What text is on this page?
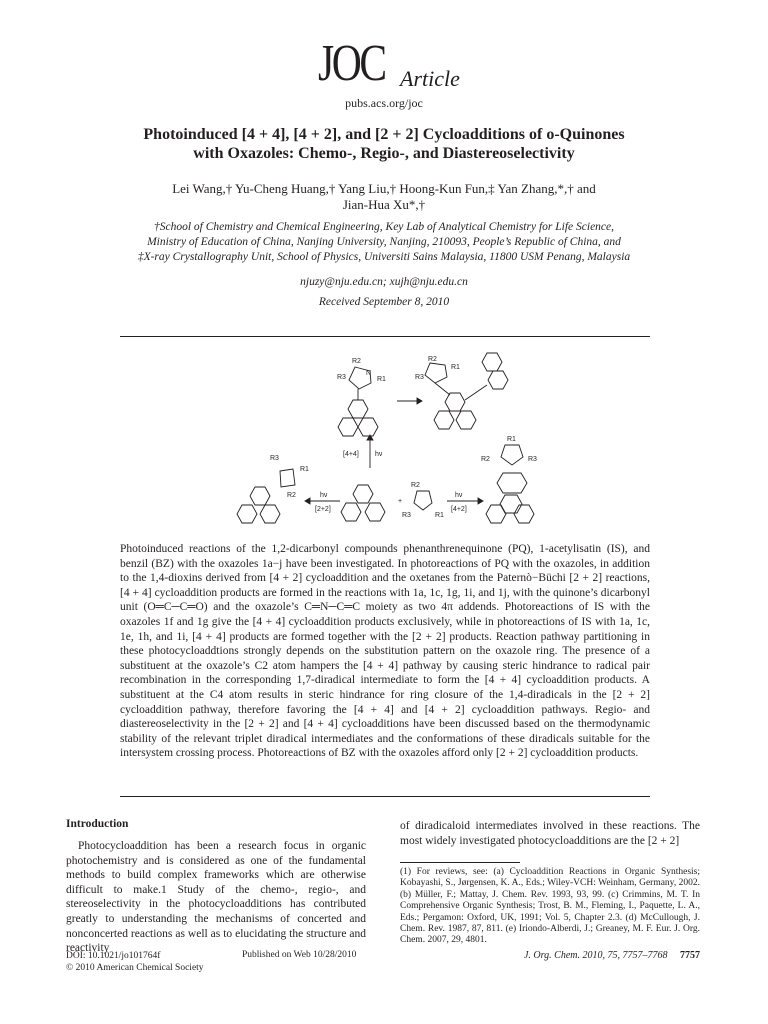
JOC Article
pubs.acs.org/joc
Photoinduced [4 + 4], [4 + 2], and [2 + 2] Cycloadditions of o-Quinones
with Oxazoles: Chemo-, Regio-, and Diastereoselectivity
Lei Wang,† Yu-Cheng Huang,† Yang Liu,† Hoong-Kun Fun,‡ Yan Zhang,*,† and
Jian-Hua Xu*,†
†School of Chemistry and Chemical Engineering, Key Lab of Analytical Chemistry for Life Science,
Ministry of Education of China, Nanjing University, Nanjing, 210093, People’s Republic of China, and
‡X-ray Crystallography Unit, School of Physics, Universiti Sains Malaysia, 11800 USM Penang, Malaysia
njuzy@nju.edu.cn; xujh@nju.edu.cn
Received September 8, 2010
R2
N
R3	R1
R2
R1
R3
[4+4] hν
R3
R1
R2	hν
[2+2]
+
R2
R3	R1
hν
[4+2]
R1
R2	R3
Photoinduced reactions of the 1,2-dicarbonyl compounds phenanthrenequinone (PQ), 1-acetylisatin (IS), and benzil (BZ) with the oxazoles 1a−j have been investigated. In photoreactions of PQ with the oxazoles, in addition to the 1,4-dioxins derived from [4 + 2] cycloaddition and the oxetanes from the Paternò−Büchi [2 + 2] reactions, [4 + 4] cycloaddition products are formed in the reactions with 1a, 1c, 1g, 1i, and 1j, with the quinone’s dicarbonyl unit (O═C─C═O) and the oxazole’s C═N─C═C moiety as two 4π addends. Photoreactions of IS with the oxazoles 1f and 1g give the [4 + 4] cycloaddition products exclusively, while in photoreactions of IS with 1a, 1c, 1e, 1h, and 1i, [4 + 4] products are formed together with the [2 + 2] products. Reaction pathway partitioning in these photocycloaddtions strongly depends on the substitution pattern on the oxazole ring. The presence of a substituent at the oxazole’s C2 atom hampers the [4 + 4] pathway by causing steric hindrance to radical pair recombination in the corresponding 1,7-diradical intermediate to form the [4 + 4] cycloaddition products. A substituent at the C4 atom results in steric hindrance for ring closure of the 1,4-diradicals in the [2 + 2] cycloaddition pathway, therefore favoring the [4 + 4] and [4 + 2] cycloaddition pathways. Regio- and diastereoselectivity in the [2 + 2] and [4 + 4] cycloadditions have been discussed based on the thermodynamic stability of the relevant triplet diradical intermediates and the conformations of these diradicals suitable for the intersystem crossing process. Photoreactions of BZ with the oxazoles afford only [2 + 2] cycloaddition products.
Introduction
Photocycloaddition has been a research focus in organic photochemistry and is considered as one of the fundamental methods to build complex frameworks which are otherwise difficult to make.1 Study of the chemo-, regio-, and stereoselectivity in the photocycloadditions has contributed greatly to understanding the mechanisms of concerted and nonconcerted reactions as well as to elucidating the structure and reactivity
of diradicaloid intermediates involved in these reactions. The most widely investigated photocycloadditions are the [2 + 2]
(1) For reviews, see: (a) Cycloaddition Reactions in Organic Synthesis; Kobayashi, S., Jørgensen, K. A., Eds.; Wiley-VCH: Weinham, Germany, 2002. (b) Müller, F.; Mattay, J. Chem. Rev. 1993, 93, 99. (c) Crimmins, M. T. In Comprehensive Organic Synthesis; Trost, B. M., Fleming, I., Paquette, L. A., Eds.; Pergamon: Oxford, UK, 1991; Vol. 5, Chapter 2.3. (d) McCullough, J. Chem. Rev. 1987, 87, 811. (e) Iriondo-Alberdi, J.; Greaney, M. F. Eur. J. Org. Chem. 2007, 29, 4801.
DOI: 10.1021/jo101764f
© 2010 American Chemical Society
Published on Web 10/28/2010	J. Org. Chem. 2010, 75, 7757–7768 7757
